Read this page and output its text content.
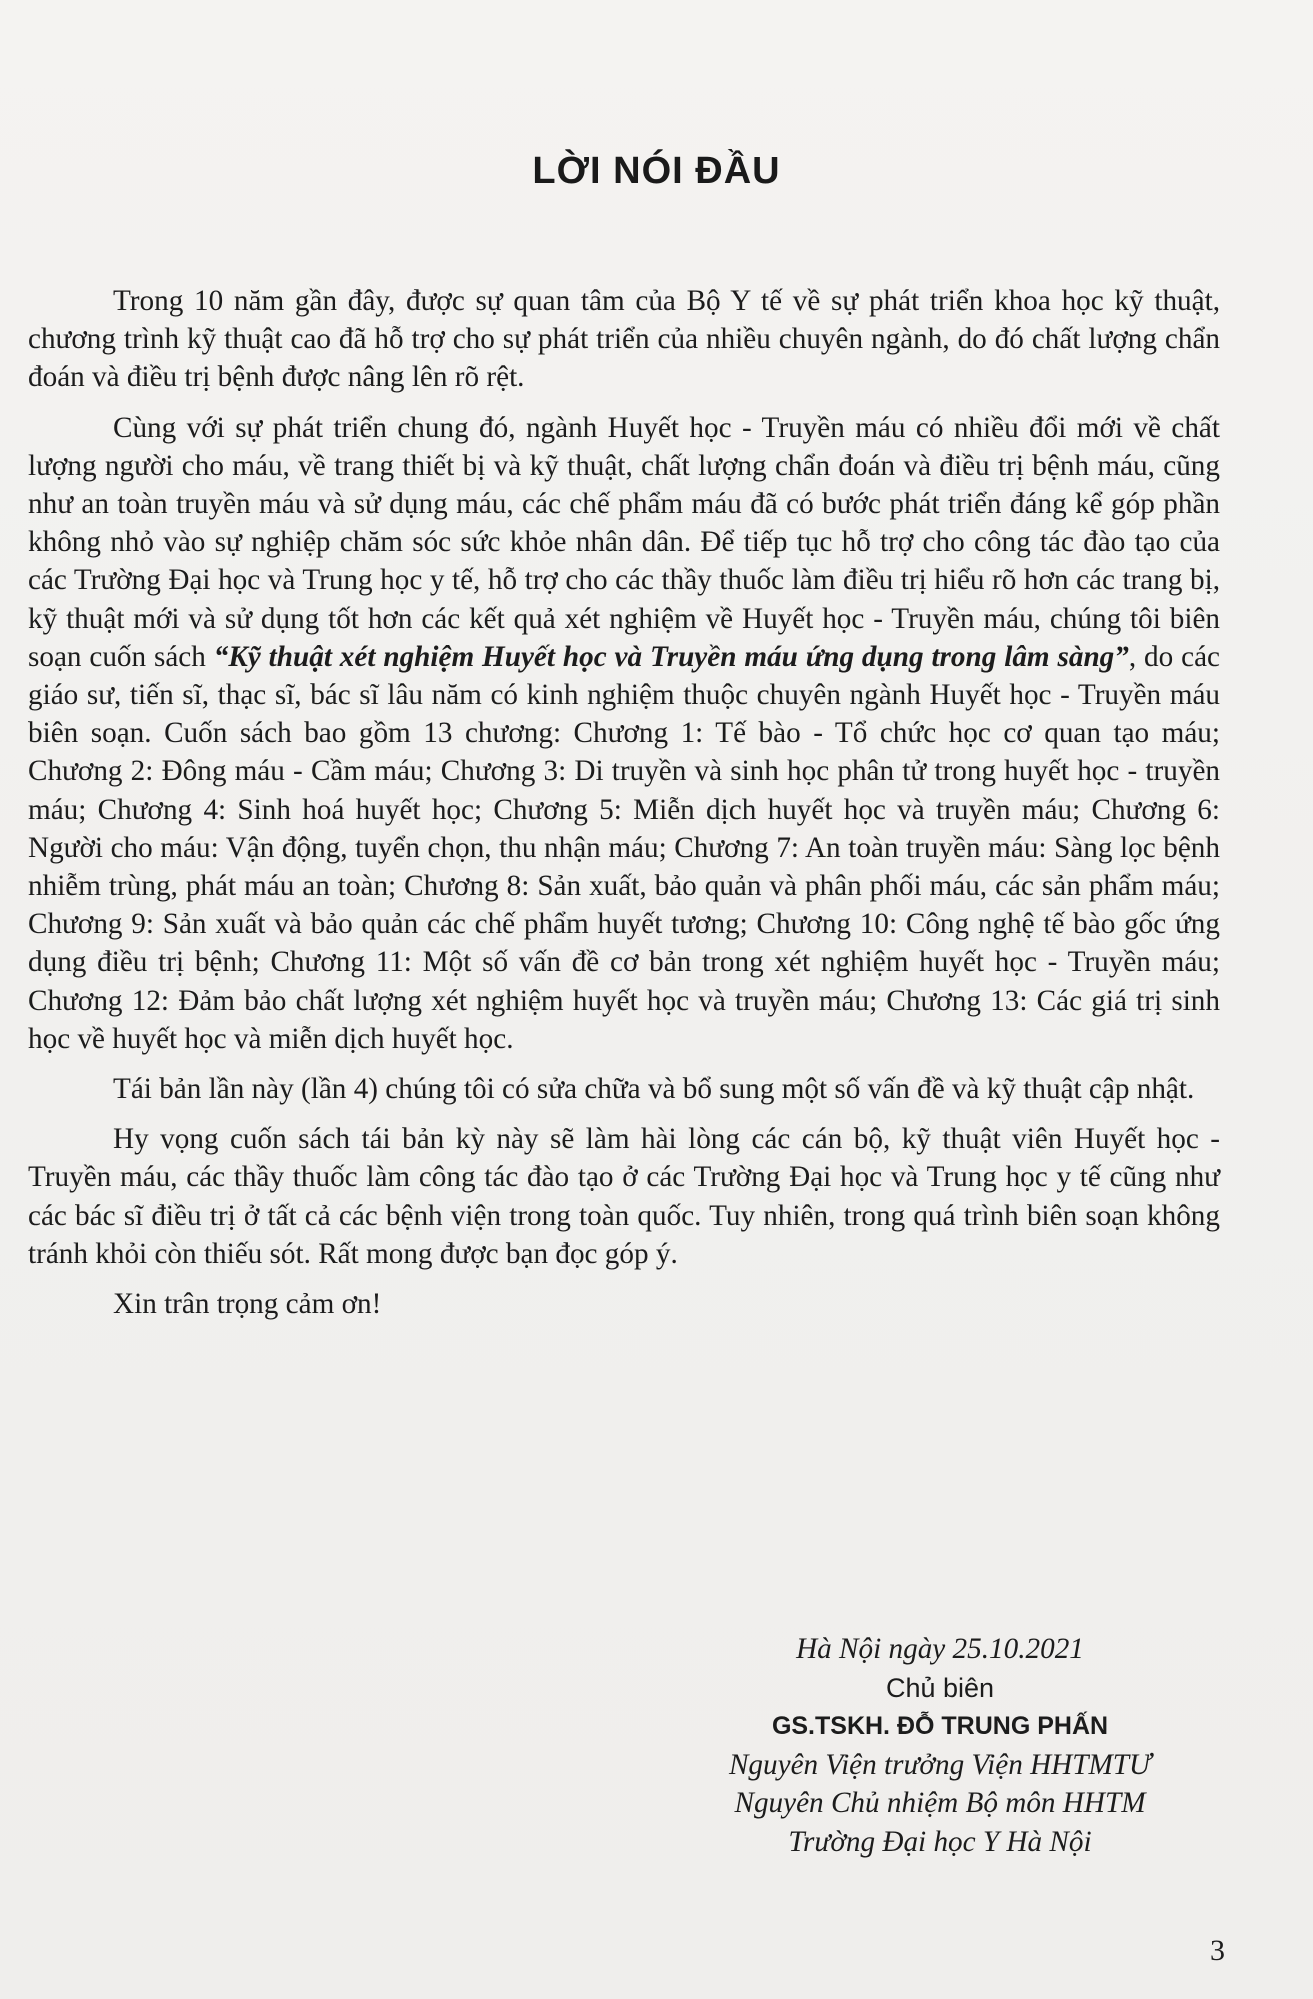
LỜI NÓI ĐẦU

Trong 10 năm gần đây, được sự quan tâm của Bộ Y tế về sự phát triển khoa học kỹ thuật, chương trình kỹ thuật cao đã hỗ trợ cho sự phát triển của nhiều chuyên ngành, do đó chất lượng chẩn đoán và điều trị bệnh được nâng lên rõ rệt.

Cùng với sự phát triển chung đó, ngành Huyết học - Truyền máu có nhiều đổi mới về chất lượng người cho máu, về trang thiết bị và kỹ thuật, chất lượng chẩn đoán và điều trị bệnh máu, cũng như an toàn truyền máu và sử dụng máu, các chế phẩm máu đã có bước phát triển đáng kể góp phần không nhỏ vào sự nghiệp chăm sóc sức khỏe nhân dân. Để tiếp tục hỗ trợ cho công tác đào tạo của các Trường Đại học và Trung học y tế, hỗ trợ cho các thầy thuốc làm điều trị hiểu rõ hơn các trang bị, kỹ thuật mới và sử dụng tốt hơn các kết quả xét nghiệm về Huyết học - Truyền máu, chúng tôi biên soạn cuốn sách “Kỹ thuật xét nghiệm Huyết học và Truyền máu ứng dụng trong lâm sàng”, do các giáo sư, tiến sĩ, thạc sĩ, bác sĩ lâu năm có kinh nghiệm thuộc chuyên ngành Huyết học - Truyền máu biên soạn. Cuốn sách bao gồm 13 chương: Chương 1: Tế bào - Tổ chức học cơ quan tạo máu; Chương 2: Đông máu - Cầm máu; Chương 3: Di truyền và sinh học phân tử trong huyết học - truyền máu; Chương 4: Sinh hoá huyết học; Chương 5: Miễn dịch huyết học và truyền máu; Chương 6: Người cho máu: Vận động, tuyển chọn, thu nhận máu; Chương 7: An toàn truyền máu: Sàng lọc bệnh nhiễm trùng, phát máu an toàn; Chương 8: Sản xuất, bảo quản và phân phối máu, các sản phẩm máu; Chương 9: Sản xuất và bảo quản các chế phẩm huyết tương; Chương 10: Công nghệ tế bào gốc ứng dụng điều trị bệnh; Chương 11: Một số vấn đề cơ bản trong xét nghiệm huyết học - Truyền máu; Chương 12: Đảm bảo chất lượng xét nghiệm huyết học và truyền máu; Chương 13: Các giá trị sinh học về huyết học và miễn dịch huyết học.

Tái bản lần này (lần 4) chúng tôi có sửa chữa và bổ sung một số vấn đề và kỹ thuật cập nhật.

Hy vọng cuốn sách tái bản kỳ này sẽ làm hài lòng các cán bộ, kỹ thuật viên Huyết học - Truyền máu, các thầy thuốc làm công tác đào tạo ở các Trường Đại học và Trung học y tế cũng như các bác sĩ điều trị ở tất cả các bệnh viện trong toàn quốc. Tuy nhiên, trong quá trình biên soạn không tránh khỏi còn thiếu sót. Rất mong được bạn đọc góp ý.

Xin trân trọng cảm ơn!

Hà Nội ngày 25.10.2021
Chủ biên
GS.TSKH. ĐỖ TRUNG PHẤN
Nguyên Viện trưởng Viện HHTMTƯ
Nguyên Chủ nhiệm Bộ môn HHTM
Trường Đại học Y Hà Nội
3
